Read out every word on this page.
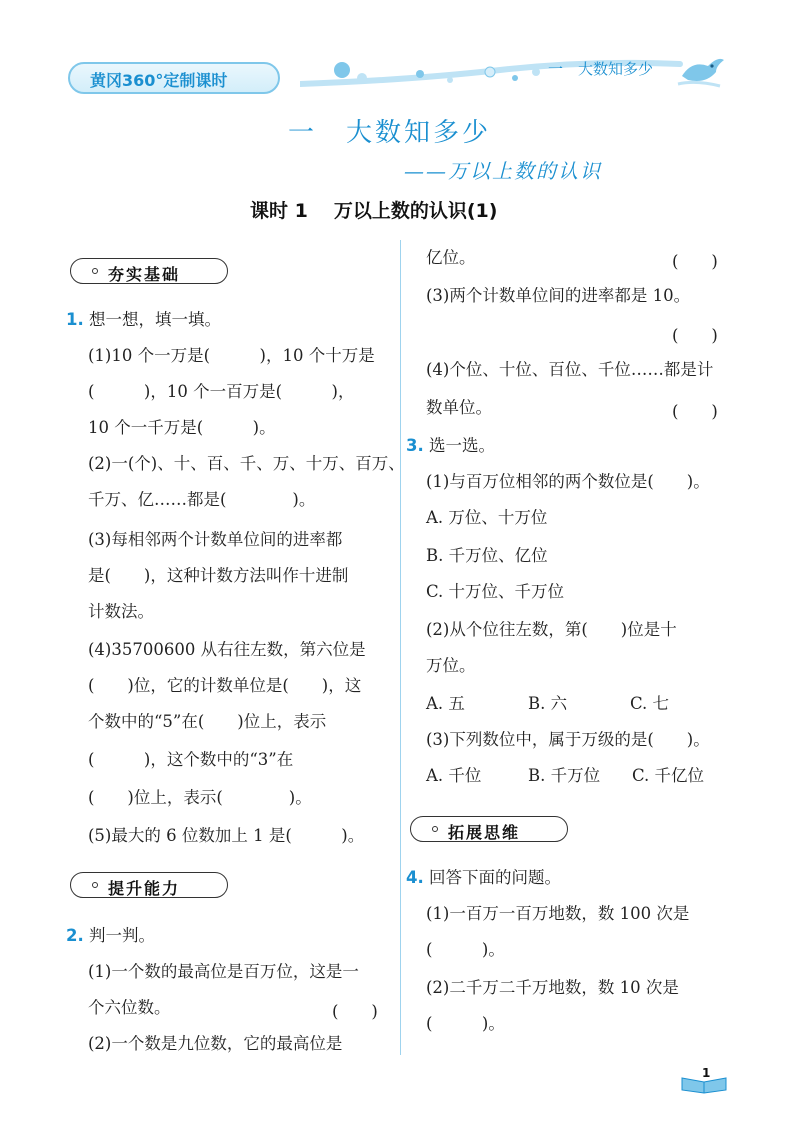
黄冈360°定制课时
一　大数知多少
一　大数知多少
——万以上数的认识
课时 1 万以上数的认识(1)
夯实基础
1. 想一想，填一填。
(1)10 个一万是(　　　)，10 个十万是
(　　　)，10 个一百万是(　　　)，
10 个一千万是(　　　)。
(2)一(个)、十、百、千、万、十万、百万、
千万、亿……都是(　　　　)。
(3)每相邻两个计数单位间的进率都
是(　　)，这种计数方法叫作十进制
计数法。
(4)35700600 从右往左数，第六位是
(　　)位，它的计数单位是(　　)，这
个数中的“5”在(　　)位上，表示
(　　　)，这个数中的“3”在
(　　)位上，表示(　　　　)。
(5)最大的 6 位数加上 1 是(　　　)。
提升能力
2. 判一判。
(1)一个数的最高位是百万位，这是一
个六位数。	(　　)
(2)一个数是九位数，它的最高位是
亿位。	(　　)
(3)两个计数单位间的进率都是 10。
(　　)
(4)个位、十位、百位、千位……都是计
数单位。	(　　)
3. 选一选。
(1)与百万位相邻的两个数位是(　　)。
A. 万位、十万位
B. 千万位、亿位
C. 十万位、千万位
(2)从个位往左数，第(　　)位是十
万位。
A. 五	B. 六	C. 七
(3)下列数位中，属于万级的是(　　)。
A. 千位	B. 千万位 C. 千亿位
拓展思维
4. 回答下面的问题。
(1)一百万一百万地数，数 100 次是
(　　　)。
(2)二千万二千万地数，数 10 次是
(　　　)。
1
